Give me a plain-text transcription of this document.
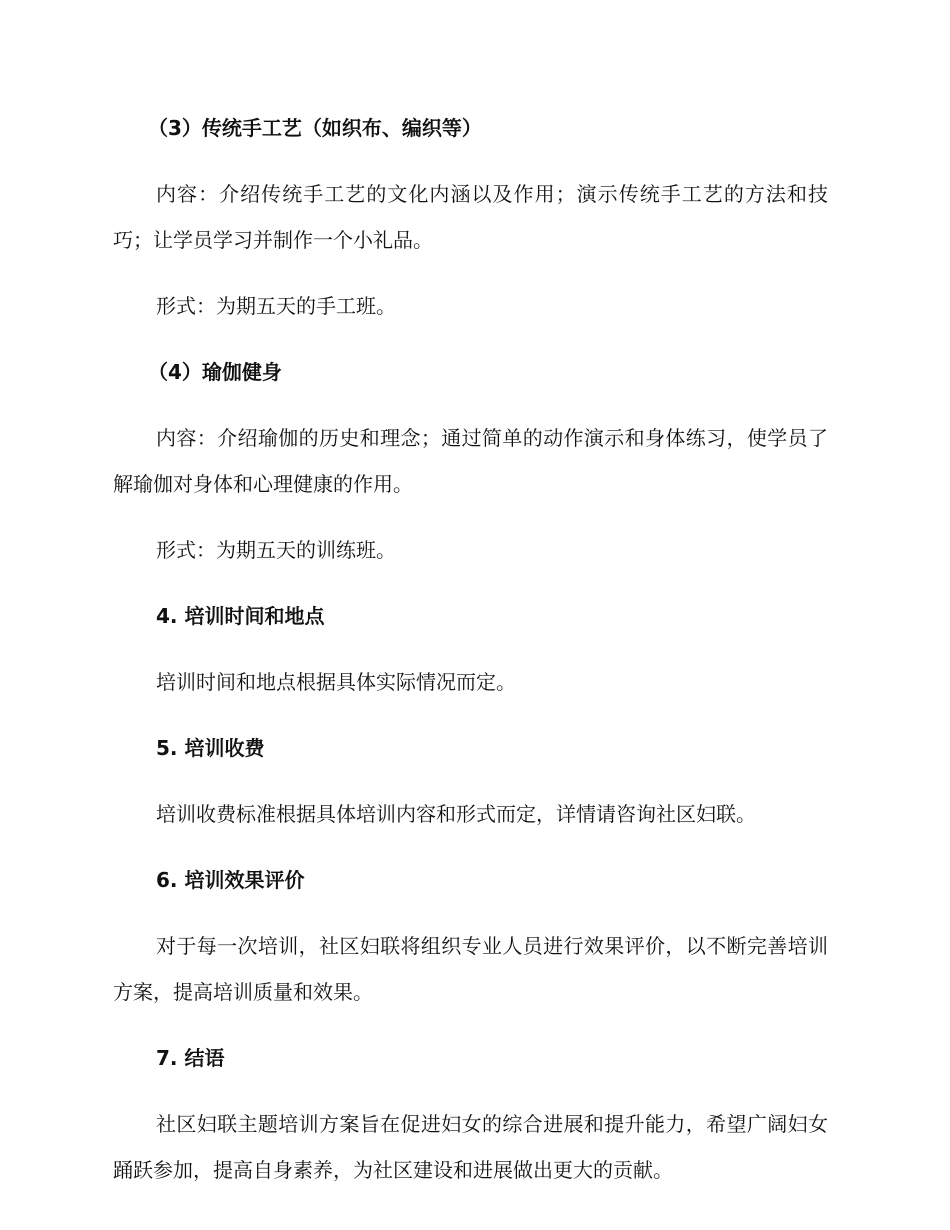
（3）传统手工艺（如织布、编织等）

内容：介绍传统手工艺的文化内涵以及作用；演示传统手工艺的方法和技巧；让学员学习并制作一个小礼品。

形式：为期五天的手工班。

（4）瑜伽健身

内容：介绍瑜伽的历史和理念；通过简单的动作演示和身体练习，使学员了解瑜伽对身体和心理健康的作用。

形式：为期五天的训练班。

4. 培训时间和地点

培训时间和地点根据具体实际情况而定。

5. 培训收费

培训收费标准根据具体培训内容和形式而定，详情请咨询社区妇联。

6. 培训效果评价

对于每一次培训，社区妇联将组织专业人员进行效果评价，以不断完善培训方案，提高培训质量和效果。

7. 结语

社区妇联主题培训方案旨在促进妇女的综合进展和提升能力，希望广阔妇女踊跃参加，提高自身素养，为社区建设和进展做出更大的贡献。
